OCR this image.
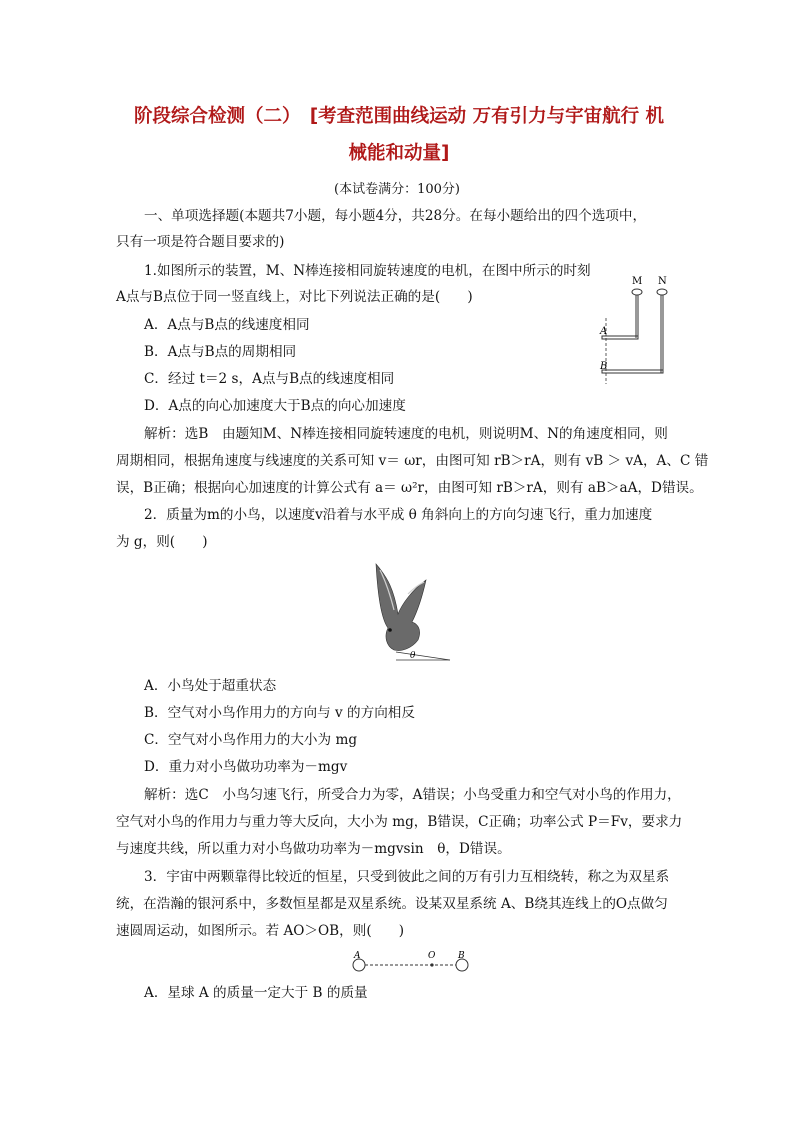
阶段综合检测（二）　[考查范围曲线运动 万有引力与宇宙航行 机
械能和动量]
(本试卷满分：100分)
一、单项选择题(本题共7小题，每小题4分，共28分。在每小题给出的四个选项中，
只有一项是符合题目要求的)
1.如图所示的装置，M、N棒连接相同旋转速度的电机，在图中所示的时刻
A点与B点位于同一竖直线上，对比下列说法正确的是(　　)
A．A点与B点的线速度相同
B．A点与B点的周期相同
C．经过 t＝2 s，A点与B点的线速度相同
D．A点的向心加速度大于B点的向心加速度
M N
A
B
解析：选B　由题知M、N棒连接相同旋转速度的电机，则说明M、N的角速度相同，则
周期相同，根据角速度与线速度的关系可知 v＝ ωr，由图可知 rB＞rA，则有 vB ＞ vA，A、C 错
误，B正确；根据向心加速度的计算公式有 a＝ ω²r，由图可知 rB＞rA，则有 aB＞aA，D错误。
2．质量为m的小鸟，以速度v沿着与水平成 θ 角斜向上的方向匀速飞行，重力加速度
为 g，则(　　)
θ
A．小鸟处于超重状态
B．空气对小鸟作用力的方向与 v 的方向相反
C．空气对小鸟作用力的大小为 mg
D．重力对小鸟做功功率为－mgv
解析：选C　小鸟匀速飞行，所受合力为零，A错误；小鸟受重力和空气对小鸟的作用力，
空气对小鸟的作用力与重力等大反向，大小为 mg，B错误，C正确；功率公式 P＝Fv，要求力
与速度共线，所以重力对小鸟做功功率为－mgvsin　θ，D错误。
3．宇宙中两颗靠得比较近的恒星，只受到彼此之间的万有引力互相绕转，称之为双星系
统，在浩瀚的银河系中，多数恒星都是双星系统。设某双星系统 A、B绕其连线上的O点做匀
速圆周运动，如图所示。若 AO＞OB，则(　　)
A	O	B
A．星球 A 的质量一定大于 B 的质量
